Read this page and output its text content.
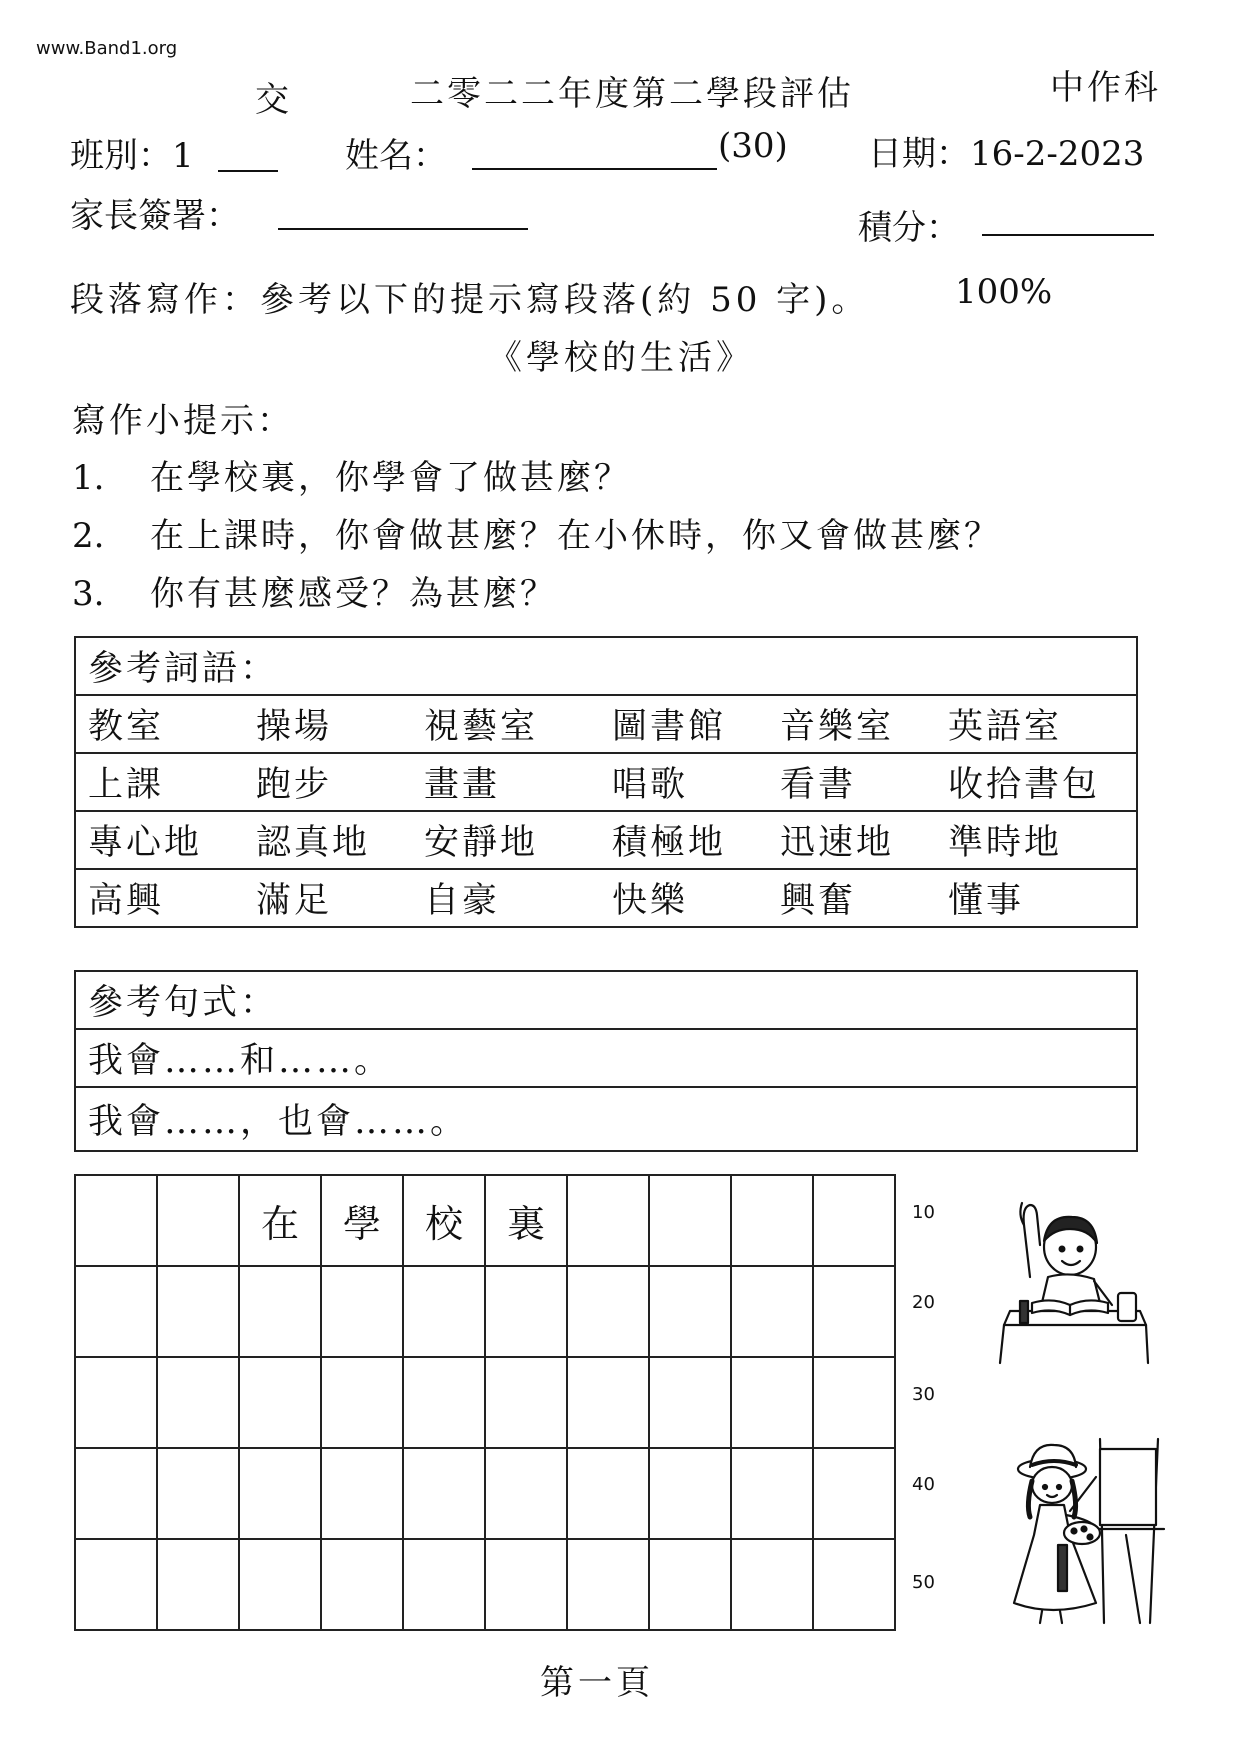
www.Band1.org
交	二零二二年度第二學段評估	中作科
班別：1	姓名：	(30) 日期：16-2-2023
家長簽署：	積分：
段落寫作：參考以下的提示寫段落(約 50 字)。	100%
《學校的生活》
寫作小提示：
1. 在學校裏，你學會了做甚麼？
2. 在上課時，你會做甚麼？在小休時，你又會做甚麼？
3. 你有甚麼感受？為甚麼？
參考詞語：					
教室	操場	視藝室	圖書館	音樂室	英語室
上課	跑步	畫畫	唱歌	看書	收拾書包
專心地	認真地	安靜地	積極地	迅速地	準時地
高興	滿足	自豪	快樂	興奮	懂事
參考句式：
我會……和……。
我會……，也會……。
		在	學	校	裏				

										10
20
30
40
50
第一頁
